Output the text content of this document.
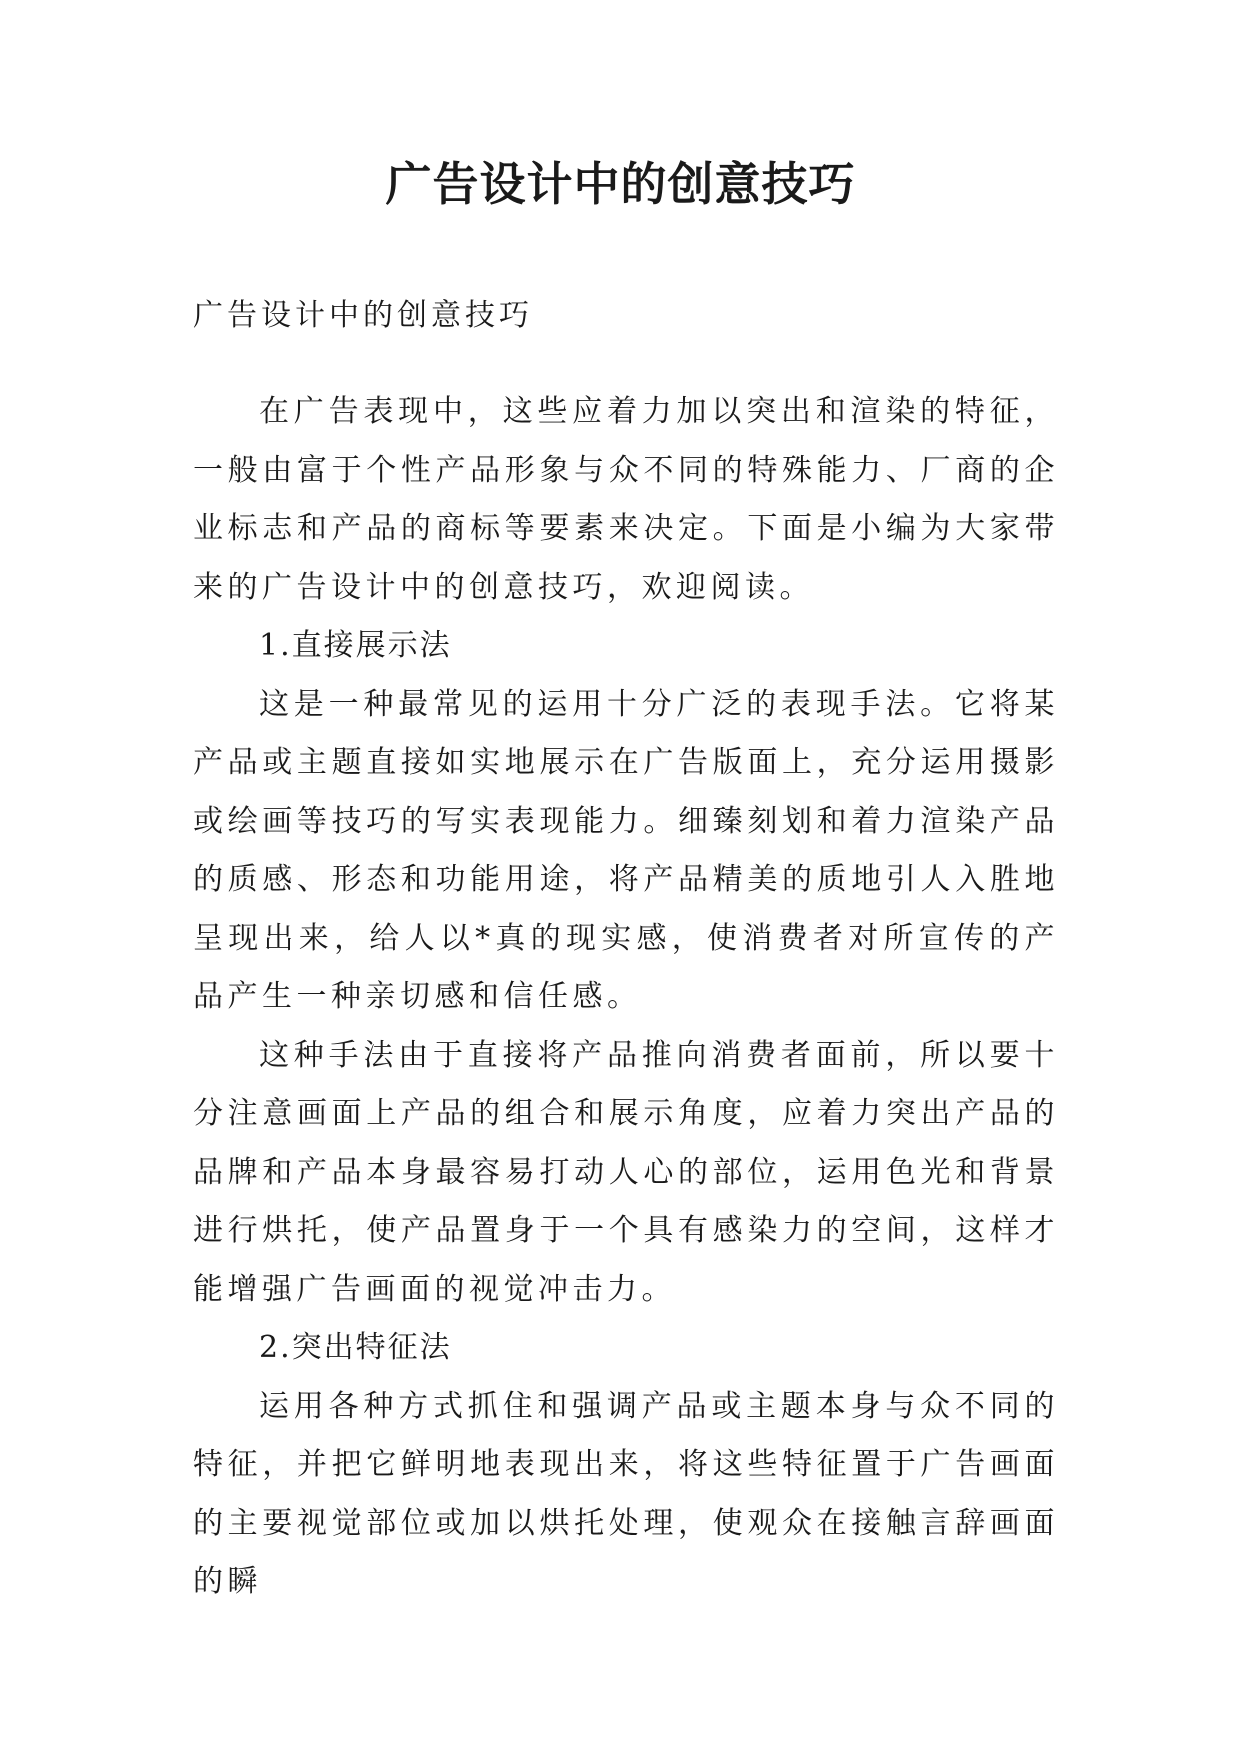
广告设计中的创意技巧

广告设计中的创意技巧

在广告表现中，这些应着力加以突出和渲染的特征，一般由富于个性产品形象与众不同的特殊能力、厂商的企业标志和产品的商标等要素来决定。下面是小编为大家带来的广告设计中的创意技巧，欢迎阅读。

1.直接展示法

这是一种最常见的运用十分广泛的表现手法。它将某产品或主题直接如实地展示在广告版面上，充分运用摄影或绘画等技巧的写实表现能力。细臻刻划和着力渲染产品的质感、形态和功能用途，将产品精美的质地引人入胜地呈现出来，给人以*真的现实感，使消费者对所宣传的产品产生一种亲切感和信任感。

这种手法由于直接将产品推向消费者面前，所以要十分注意画面上产品的组合和展示角度，应着力突出产品的品牌和产品本身最容易打动人心的部位，运用色光和背景进行烘托，使产品置身于一个具有感染力的空间，这样才能增强广告画面的视觉冲击力。

2.突出特征法

运用各种方式抓住和强调产品或主题本身与众不同的特征，并把它鲜明地表现出来，将这些特征置于广告画面的主要视觉部位或加以烘托处理，使观众在接触言辞画面的瞬
